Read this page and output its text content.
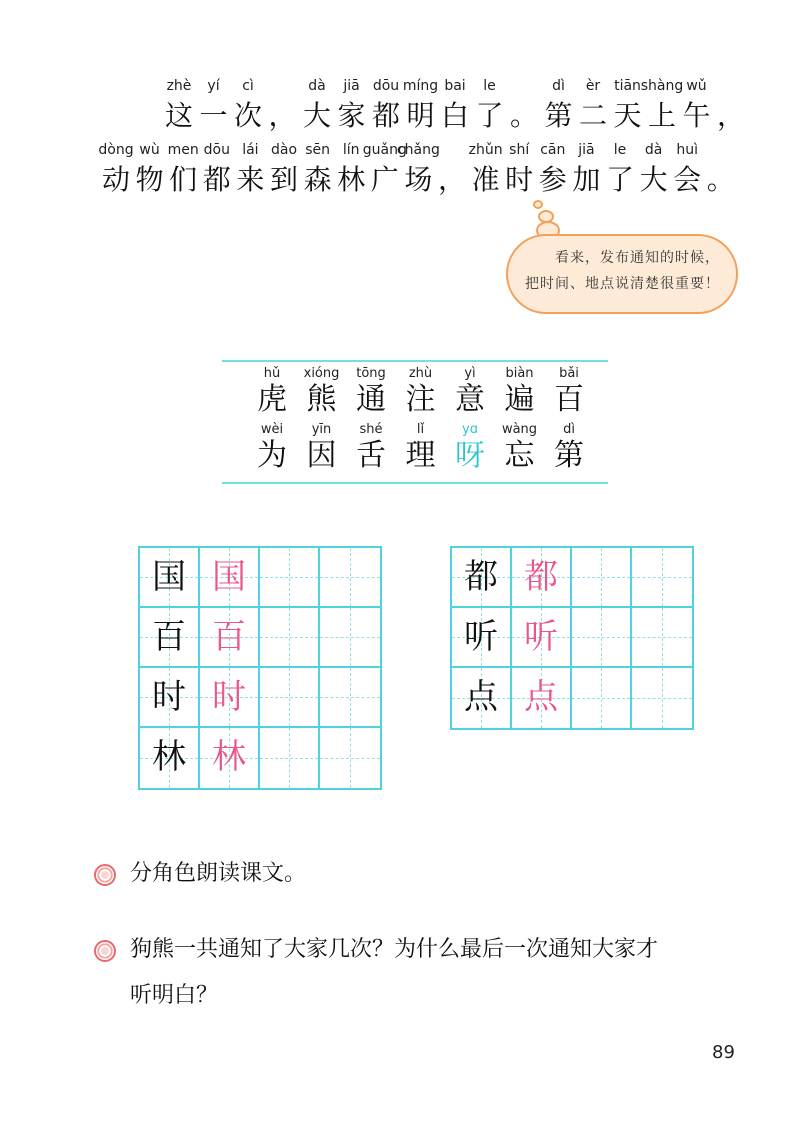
zhè
这
yí
一
cì
次 ，
dà
大
jiā
家
dōu
都
míng
明
bai
白
le
了 。
dì
第
èr
二
tiān
天
shàng
上
wǔ
午 ，
dòng
动
wù
物
men
们
dōu
都
lái
来
dào
到
sēn
森
lín
林
guǎng
广
chǎng
场 ，
zhǔn
准
shí
时
cān
参
jiā
加
le
了
dà
大
huì
会 。
看来，发布通知的时候，
把时间、地点说清楚很重要！
hǔ
虎
xióng
熊
tōng
通
zhù
注
yì
意
biàn
遍
bǎi
百
wèi
为
yīn
因
shé
舌
lǐ
理
yɑ
呀
wàng
忘
dì
第
国 国
百 百
时 时
林 林
都 都
听 听
点 点
分角色朗读课文。
狗熊一共通知了大家几次？为什么最后一次通知大家才
听明白？
89
